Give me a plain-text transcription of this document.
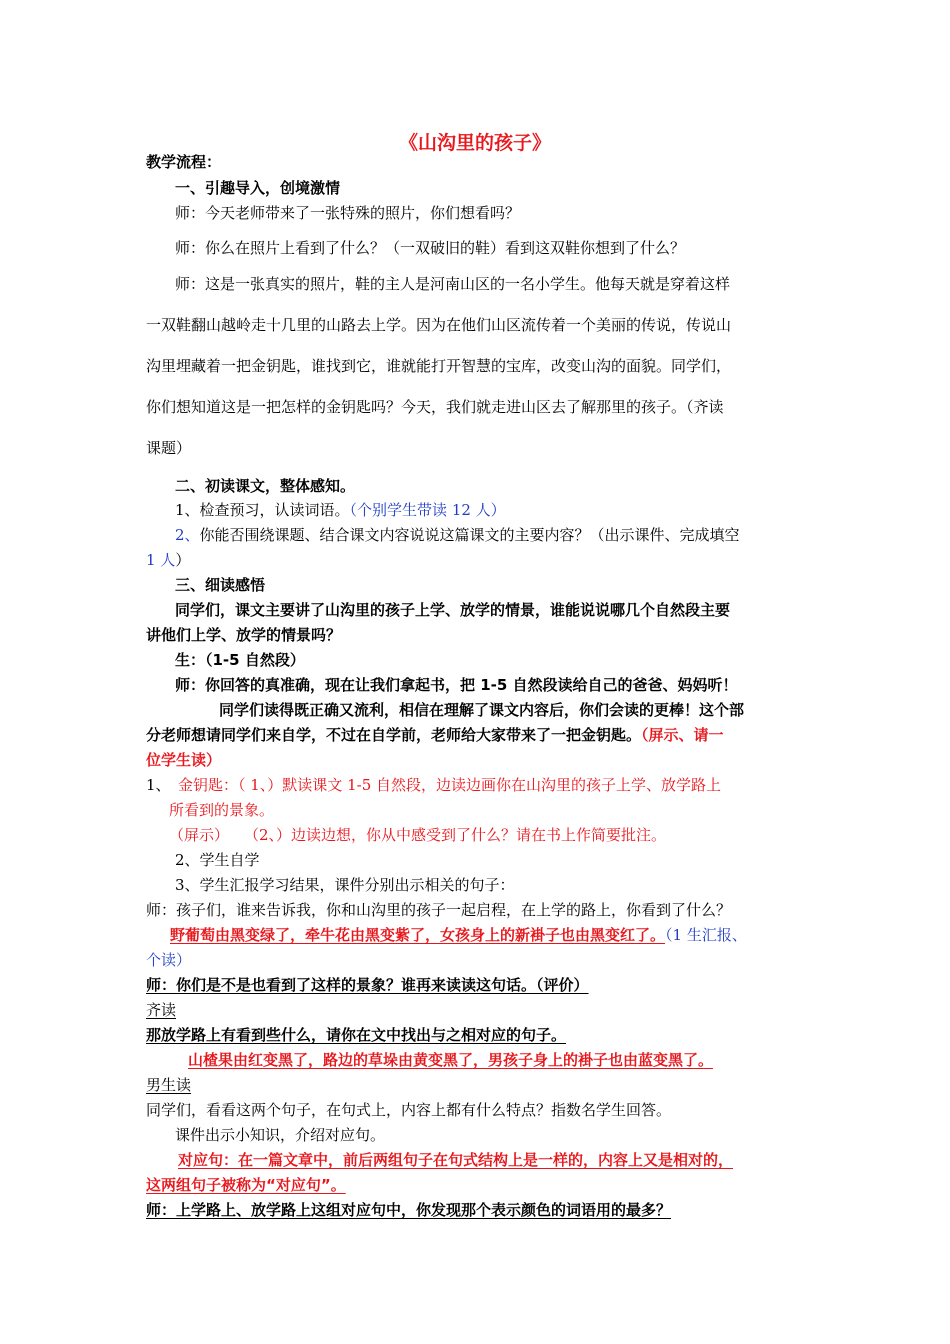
《山沟里的孩子》
教学流程：
一、引趣导入，创境激情
师：今天老师带来了一张特殊的照片，你们想看吗？
师：你么在照片上看到了什么？（一双破旧的鞋）看到这双鞋你想到了什么？
师：这是一张真实的照片，鞋的主人是河南山区的一名小学生。他每天就是穿着这样
一双鞋翻山越岭走十几里的山路去上学。因为在他们山区流传着一个美丽的传说，传说山
沟里埋藏着一把金钥匙，谁找到它，谁就能打开智慧的宝库，改变山沟的面貌。同学们，
你们想知道这是一把怎样的金钥匙吗？今天，我们就走进山区去了解那里的孩子。（齐读
课题）
二、初读课文，整体感知。
1、检查预习，认读词语。（个别学生带读 12 人）
2、你能否围绕课题、结合课文内容说说这篇课文的主要内容？（出示课件、完成填空
1 人）
三、细读感悟
同学们，课文主要讲了山沟里的孩子上学、放学的情景，谁能说说哪几个自然段主要
讲他们上学、放学的情景吗？
生：（1-5 自然段）
师：你回答的真准确，现在让我们拿起书，把 1-5 自然段读给自己的爸爸、妈妈听！
同学们读得既正确又流利，相信在理解了课文内容后，你们会读的更棒！这个部
分老师想请同学们来自学，不过在自学前，老师给大家带来了一把金钥匙。（屏示、请一
位学生读）
1、 金钥匙：（ 1、）默读课文 1-5 自然段，边读边画你在山沟里的孩子上学、放学路上
所看到的景象。
（屏示）　　（2、）边读边想，你从中感受到了什么？请在书上作简要批注。
2、学生自学
3、学生汇报学习结果，课件分别出示相关的句子：
师：孩子们，谁来告诉我，你和山沟里的孩子一起启程，在上学的路上，你看到了什么？
野葡萄由黑变绿了，牵牛花由黑变紫了，女孩身上的新褂子也由黑变红了。（1 生汇报、
个读）
师：你们是不是也看到了这样的景象？谁再来读读这句话。（评价）
齐读
那放学路上有看到些什么，请你在文中找出与之相对应的句子。
山楂果由红变黑了，路边的草垛由黄变黑了，男孩子身上的褂子也由蓝变黑了。
男生读
同学们，看看这两个句子，在句式上，内容上都有什么特点？指数名学生回答。
课件出示小知识，介绍对应句。
对应句：在一篇文章中，前后两组句子在句式结构上是一样的，内容上又是相对的，
这两组句子被称为“对应句”。
师：上学路上、放学路上这组对应句中，你发现那个表示颜色的词语用的最多？
